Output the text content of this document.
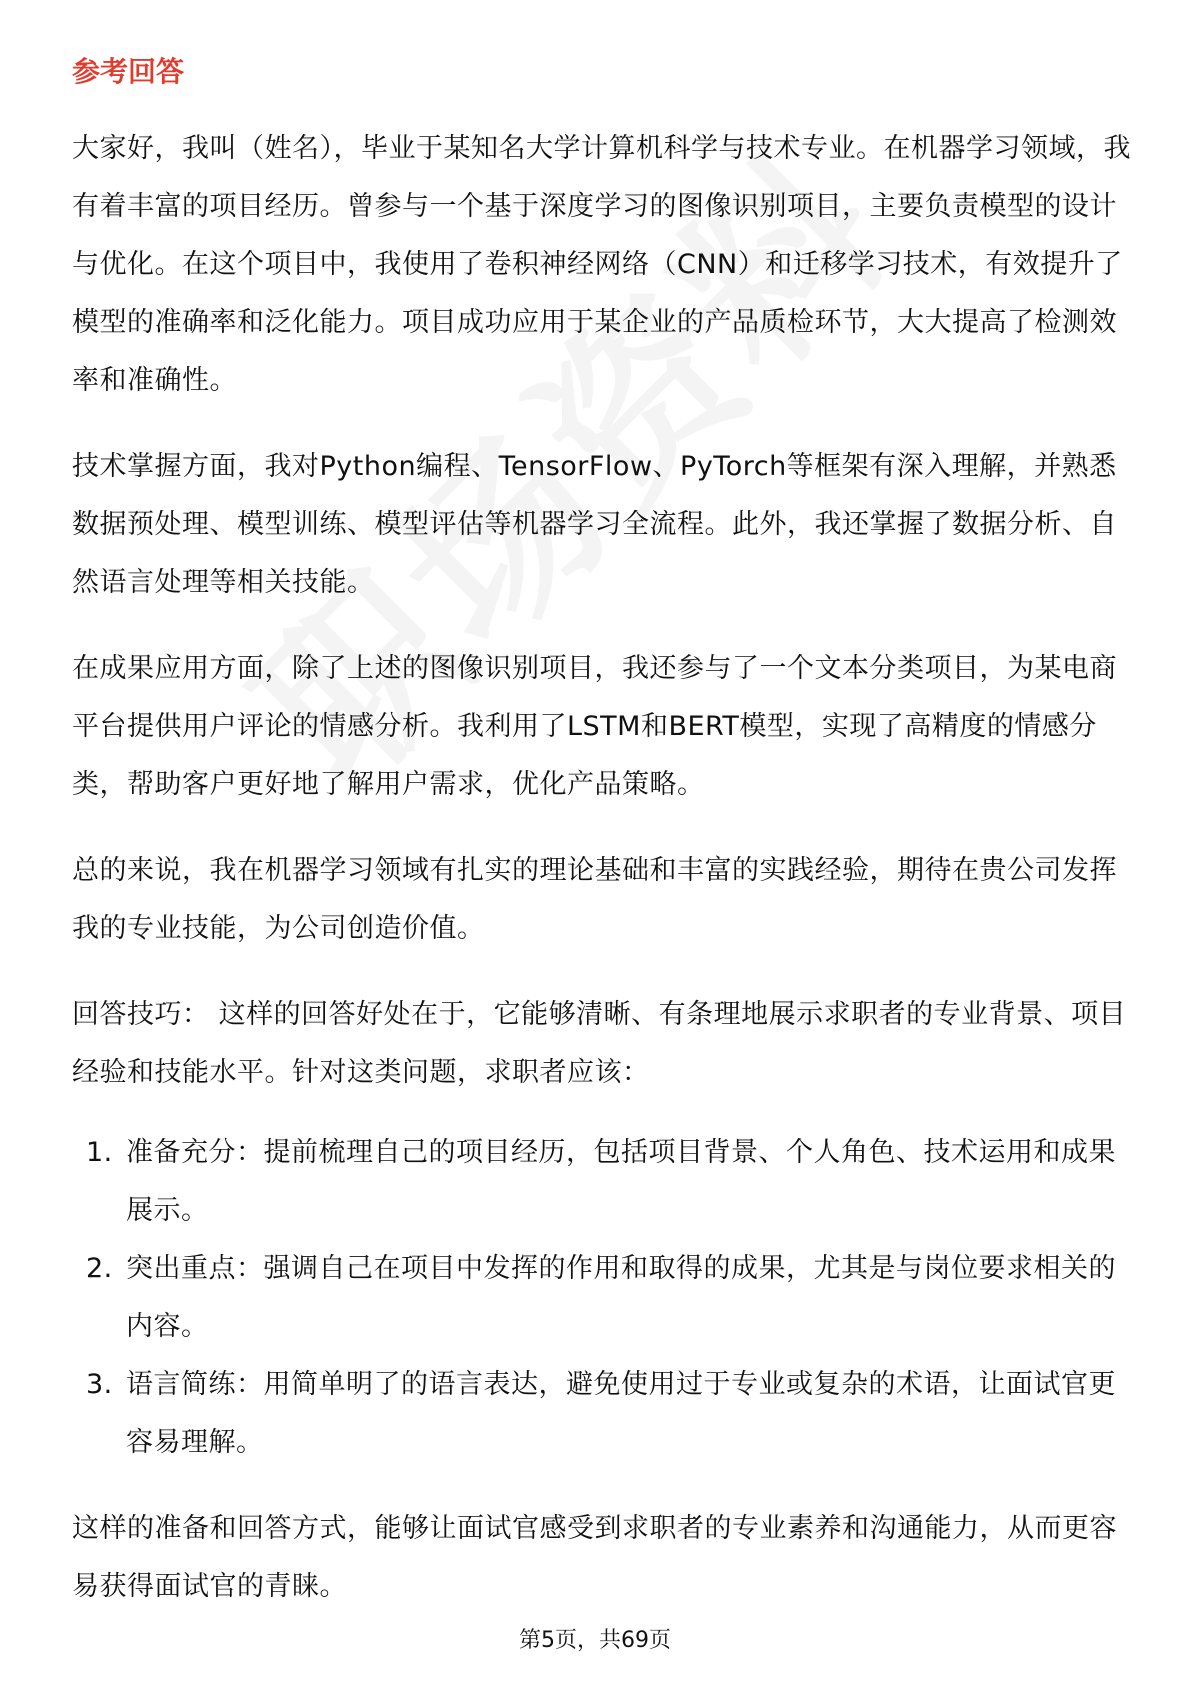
参考回答

大家好，我叫（姓名），毕业于某知名大学计算机科学与技术专业。在机器学习领域，我有着丰富的项目经历。曾参与一个基于深度学习的图像识别项目，主要负责模型的设计与优化。在这个项目中，我使用了卷积神经网络（CNN）和迁移学习技术，有效提升了模型的准确率和泛化能力。项目成功应用于某企业的产品质检环节，大大提高了检测效率和准确性。

技术掌握方面，我对Python编程、TensorFlow、PyTorch等框架有深入理解，并熟悉数据预处理、模型训练、模型评估等机器学习全流程。此外，我还掌握了数据分析、自然语言处理等相关技能。

在成果应用方面，除了上述的图像识别项目，我还参与了一个文本分类项目，为某电商平台提供用户评论的情感分析。我利用了LSTM和BERT模型，实现了高精度的情感分类，帮助客户更好地了解用户需求，优化产品策略。

总的来说，我在机器学习领域有扎实的理论基础和丰富的实践经验，期待在贵公司发挥我的专业技能，为公司创造价值。

回答技巧： 这样的回答好处在于，它能够清晰、有条理地展示求职者的专业背景、项目经验和技能水平。针对这类问题，求职者应该：

1. 准备充分：提前梳理自己的项目经历，包括项目背景、个人角色、技术运用和成果展示。
2. 突出重点：强调自己在项目中发挥的作用和取得的成果，尤其是与岗位要求相关的内容。
3. 语言简练：用简单明了的语言表达，避免使用过于专业或复杂的术语，让面试官更容易理解。

这样的准备和回答方式，能够让面试官感受到求职者的专业素养和沟通能力，从而更容易获得面试官的青睐。

第5页，共69页
